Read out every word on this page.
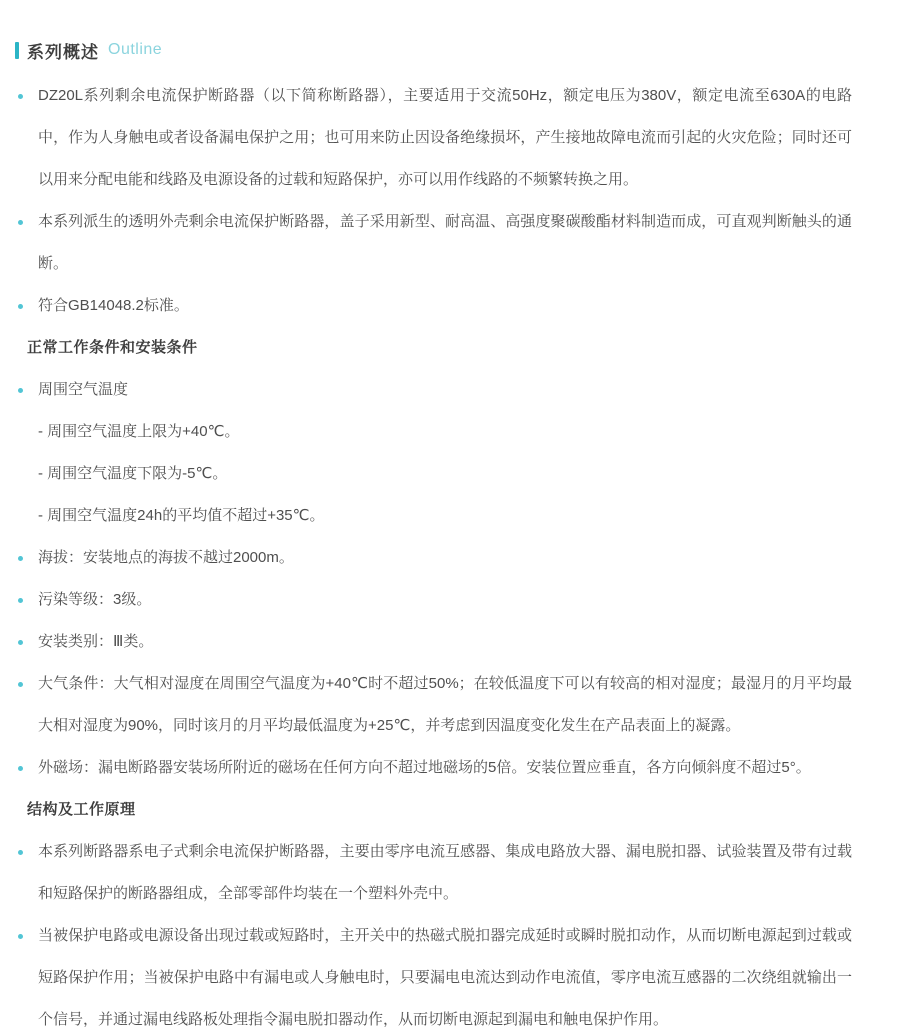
系列概述 Outline

DZ20L系列剩余电流保护断路器（以下简称断路器），主要适用于交流50Hz，额定电压为380V，额定电流至630A的电路中，作为人身触电或者设备漏电保护之用；也可用来防止因设备绝缘损坏，产生接地故障电流而引起的火灾危险；同时还可以用来分配电能和线路及电源设备的过载和短路保护，亦可以用作线路的不频繁转换之用。

本系列派生的透明外壳剩余电流保护断路器，盖子采用新型、耐高温、高强度聚碳酸酯材料制造而成，可直观判断触头的通断。

符合GB14048.2标准。

正常工作条件和安装条件

周围空气温度

- 周围空气温度上限为+40℃。

- 周围空气温度下限为-5℃。

- 周围空气温度24h的平均值不超过+35℃。

海拔：安装地点的海拔不越过2000m。

污染等级：3级。

安装类别：Ⅲ类。

大气条件：大气相对湿度在周围空气温度为+40℃时不超过50%；在较低温度下可以有较高的相对湿度；最湿月的月平均最大相对湿度为90%，同时该月的月平均最低温度为+25℃，并考虑到因温度变化发生在产品表面上的凝露。

外磁场：漏电断路器安装场所附近的磁场在任何方向不超过地磁场的5倍。安装位置应垂直，各方向倾斜度不超过5°。

结构及工作原理

本系列断路器系电子式剩余电流保护断路器，主要由零序电流互感器、集成电路放大器、漏电脱扣器、试验装置及带有过载和短路保护的断路器组成，全部零部件均装在一个塑料外壳中。

当被保护电路或电源设备出现过载或短路时，主开关中的热磁式脱扣器完成延时或瞬时脱扣动作，从而切断电源起到过载或短路保护作用；当被保护电路中有漏电或人身触电时，只要漏电电流达到动作电流值，零序电流互感器的二次绕组就输出一个信号，并通过漏电线路板处理指令漏电脱扣器动作，从而切断电源起到漏电和触电保护作用。
